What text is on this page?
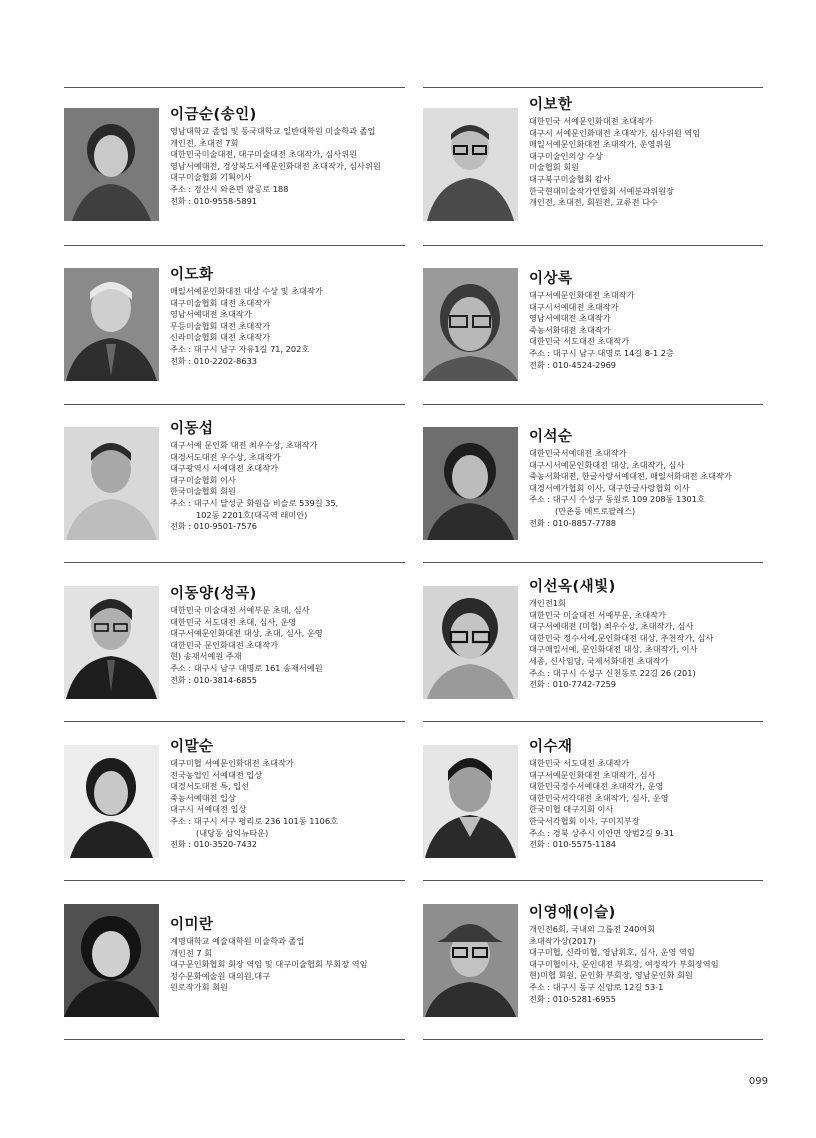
이금순(송인)
영남대학교 졸업 및 동국대학교 일반대학원 미술학과 졸업
개인전, 초대전 7회
대한민국미술대전, 대구미술대전 초대작가, 심사위원
영남서예대전, 경상북도서예문인화대전 초대작가, 심사위원
대구미술협회 기획이사
주소 : 경산시 와촌면 팔공로 188
전화 : 010-9558-5891
이보한
대한민국 서예문인화대전 초대작가
대구시 서예문인화대전 초대작가, 심사위원 역임
매일서예문인화대전 초대작가, 운영위원
대구미술인의상 수상
미술협회 회원
대구북구미술협회 감사
한국현대미술작가연합회 서예분과위원장
개인전, 초대전, 회원전, 교류전 다수
이도화
매일서예문인화대전 대상 수상 및 초대작가
대구미술협회 대전 초대작가
영남서예대전 초대작가
무등미술협회 대전 초대작가
신라미술협회 대전 초대작가
주소 : 대구시 남구 자유1길 71, 202호
전화 : 010-2202-8633
이상록
대구서예문인화대전 초대작가
대구시서예대전 초대작가
영남서예대전 초대작가
죽농서화대전 초대작가
대한민국 서도대전 초대작가
주소 : 대구시 남구 대명로 14길 8-1 2층
전화 : 010-4524-2969
이동섭
대구서예 문인화 대전 최우수상, 초대작가
대경서도대전 우수상, 초대작가
대구광역시 서예대전 초대작가
대구미술협회 이사
한국미술협회 회원
주소 : 대구시 달성군 화원읍 비슬로 539길 35,
102동 2201호(대곡역 래미안)
전화 : 010-9501-7576
이석순
대한민국서예대전 초대작가
대구시서예문인화대전 대상, 초대작가, 심사
죽농서화대전, 한글사랑서예대전, 매일서화대전 초대작가
대경서예가협회 이사, 대구한글사랑협회 이사
주소 : 대구시 수성구 동원로 109 208동 1301호
(만촌동 메트로팔레스)
전화 : 010-8857-7788
이동양(성곡)
대한민국 미술대전 서예부문 초대, 심사
대한민국 서도대전 초대, 심사, 운영
대구서예문인화대전 대상, 초대, 심사, 운영
대한민국 문인화대전 초대작가
현) 송재서예원 주재
주소 : 대구시 남구 대명로 161 송재서예원
전화 : 010-3814-6855
이선옥(새빛)
개인전1회
대한민국 미술대전 서예부문, 초대작가
대구서예대전 (미협) 최우수상, 초대작가, 심사
대한민국 정수서예,문인화대전 대상, 추천작가, 심사
대구매일서예, 문인화대전 대상, 초대작가, 이사
세종, 신사임당, 국제서화대전 초대작가
주소 : 대구시 수성구 신천동로 22길 26 (201)
전화 : 010-7742-7259
이말순
대구미협 서예문인화대전 초대작가
전국농업인 서예대전 입상
대경서도대전 특, 입선
죽농서예대전 입상
대구시 서예대전 입상
주소 : 대구시 서구 평리로 236 101동 1106호
(내당동 삼익뉴타운)
전화 : 010-3520-7432
이수재
대한민국 서도대전 초대작가
대구서예문인화대전 초대작가, 심사
대한민국정수서예대전 초대작가, 운영
대한민국서각대전 초대작가, 심사, 운영
한국미협 대구지회 이사
한국서각협회 이사, 구미지부장
주소 : 경북 상주시 이안면 양범2길 9-31
전화 : 010-5575-1184
이미란
계명대학교 예술대학원 미술학과 졸업
개인전 7 회
대구문인화협회 회장 역임 및 대구미술협회 부회장 역임
정수문화예술원 대의원,대구
원로작가회 회원
이영애(이슬)
개인전6회, 국내외 그룹전 240여회
초대작가상(2017)
대구미협, 신라미협, 영남휘호, 심사, 운영 역임
대구미협이사, 문인대전 부회장, 여정작가 부회장역임
현)미협 회원, 문인화 부회장, 영남문인화 회원
주소 : 대구시 동구 신암로 12길 53-1
전화 : 010-5281-6955
099
